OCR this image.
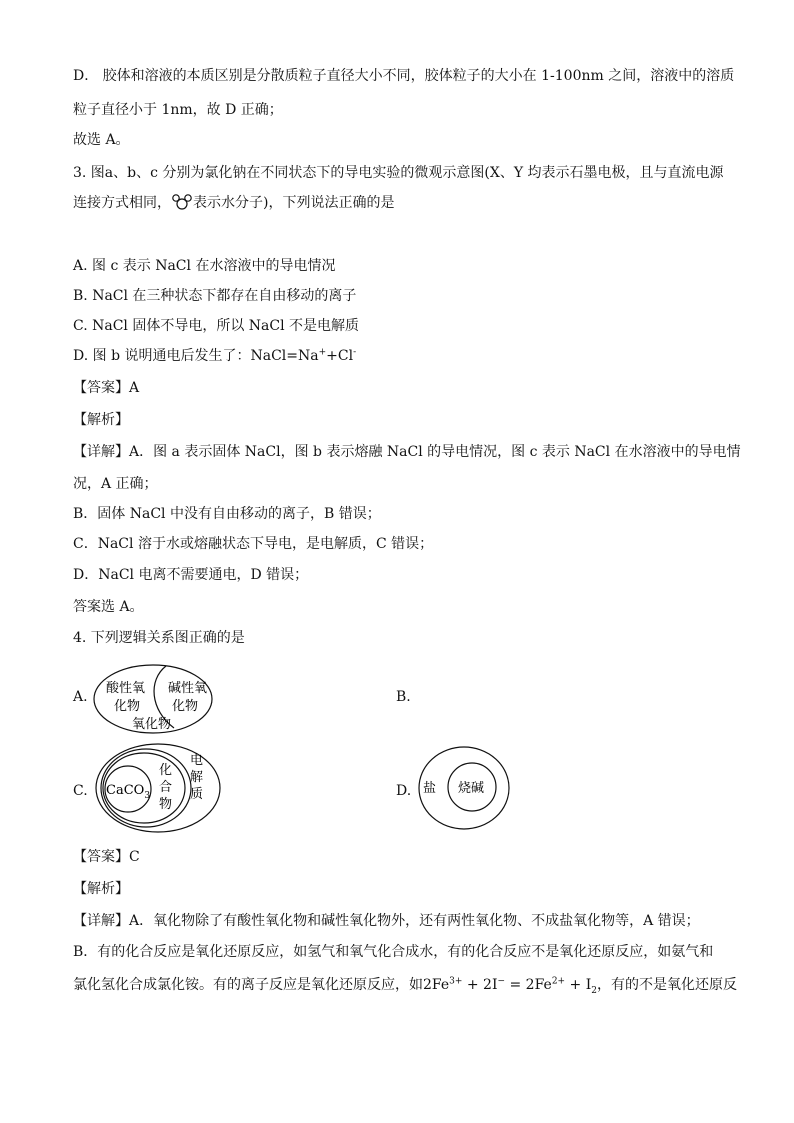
D． 胶体和溶液的本质区别是分散质粒子直径大小不同，胶体粒子的大小在 1-100nm 之间，溶液中的溶质
粒子直径小于 1nm，故 D 正确；
故选 A。
3. 图a、b、c 分别为氯化钠在不同状态下的导电实验的微观示意图(X、Y 均表示石墨电极，且与直流电源
连接方式相同， 表示水分子)，下列说法正确的是
A. 图 c 表示 NaCl 在水溶液中的导电情况
B. NaCl 在三种状态下都存在自由移动的离子
C. NaCl 固体不导电，所以 NaCl 不是电解质
D. 图 b 说明通电后发生了：NaCl=Na++Cl-
【答案】A
【解析】
【详解】A．图 a 表示固体 NaCl，图 b 表示熔融 NaCl 的导电情况，图 c 表示 NaCl 在水溶液中的导电情
况，A 正确；
B．固体 NaCl 中没有自由移动的离子，B 错误；
C．NaCl 溶于水或熔融状态下导电，是电解质，C 错误；
D．NaCl 电离不需要通电，D 错误；
答案选 A。
4. 下列逻辑关系图正确的是
A.
酸性氧
化物
碱性氧
化物
氧化物
B.
C. CaCO$_3$
化
合
物
电
解
质	D. 盐 烧碱
【答案】C
【解析】
【详解】A．氧化物除了有酸性氧化物和碱性氧化物外，还有两性氧化物、不成盐氧化物等，A 错误；
B．有的化合反应是氧化还原反应，如氢气和氧气化合成水，有的化合反应不是氧化还原反应，如氨气和
氯化氢化合成氯化铵。有的离子反应是氧化还原反应，如$2Fe^{3+} + 2I^- = 2Fe^{2+} + I_2$，有的不是氧化还原反
